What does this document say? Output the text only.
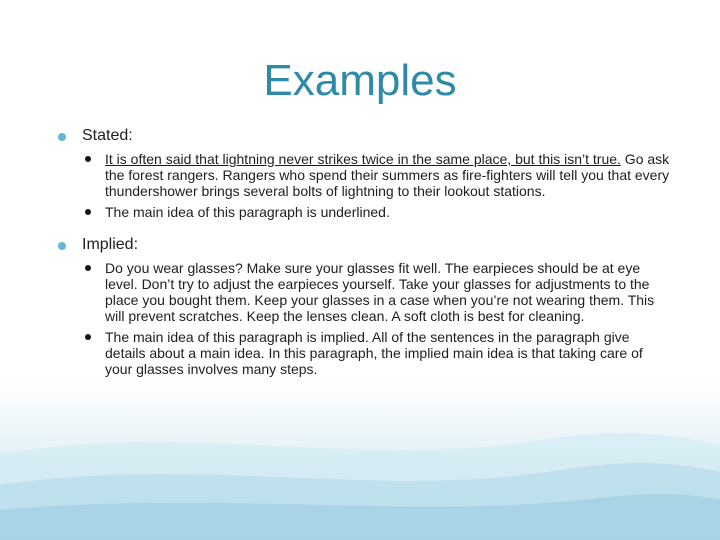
Examples

Stated:

It is often said that lightning never strikes twice in the same place, but this isn’t true. Go ask the forest rangers. Rangers who spend their summers as fire-fighters will tell you that every thundershower brings several bolts of lightning to their lookout stations.
The main idea of this paragraph is underlined.

Implied:

Do you wear glasses? Make sure your glasses fit well. The earpieces should be at eye level. Don’t try to adjust the earpieces yourself. Take your glasses for adjustments to the place you bought them. Keep your glasses in a case when you’re not wearing them. This will prevent scratches. Keep the lenses clean. A soft cloth is best for cleaning.
The main idea of this paragraph is implied. All of the sentences in the paragraph give details about a main idea. In this paragraph, the implied main idea is that taking care of your glasses involves many steps.
